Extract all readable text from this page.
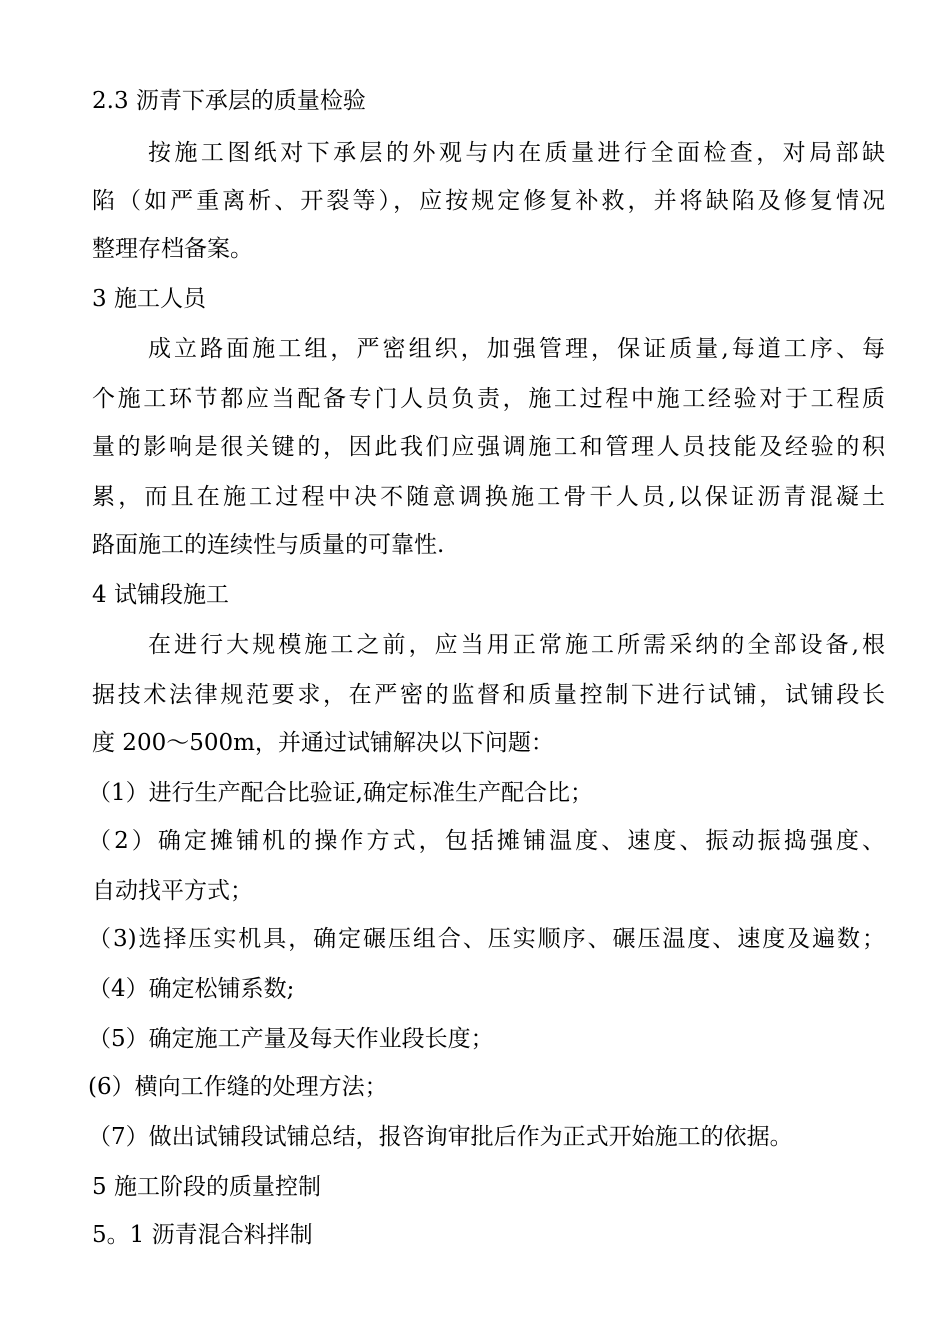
2.3 沥青下承层的质量检验
按施工图纸对下承层的外观与内在质量进行全面检查，对局部缺
陷（如严重离析、开裂等），应按规定修复补救，并将缺陷及修复情况
整理存档备案。
3 施工人员
成立路面施工组，严密组织，加强管理，保证质量,每道工序、每
个施工环节都应当配备专门人员负责，施工过程中施工经验对于工程质
量的影响是很关键的，因此我们应强调施工和管理人员技能及经验的积
累，而且在施工过程中决不随意调换施工骨干人员,以保证沥青混凝土
路面施工的连续性与质量的可靠性.
4 试铺段施工
在进行大规模施工之前，应当用正常施工所需采纳的全部设备,根
据技术法律规范要求，在严密的监督和质量控制下进行试铺，试铺段长
度 200～500m，并通过试铺解决以下问题：
（1）进行生产配合比验证,确定标准生产配合比；
（2）确定摊铺机的操作方式，包括摊铺温度、速度、振动振捣强度、
自动找平方式；
（3)选择压实机具，确定碾压组合、压实顺序、碾压温度、速度及遍数；
（4）确定松铺系数;
（5）确定施工产量及每天作业段长度；
(6）横向工作缝的处理方法；
（7）做出试铺段试铺总结，报咨询审批后作为正式开始施工的依据。
5 施工阶段的质量控制
5。1 沥青混合料拌制
